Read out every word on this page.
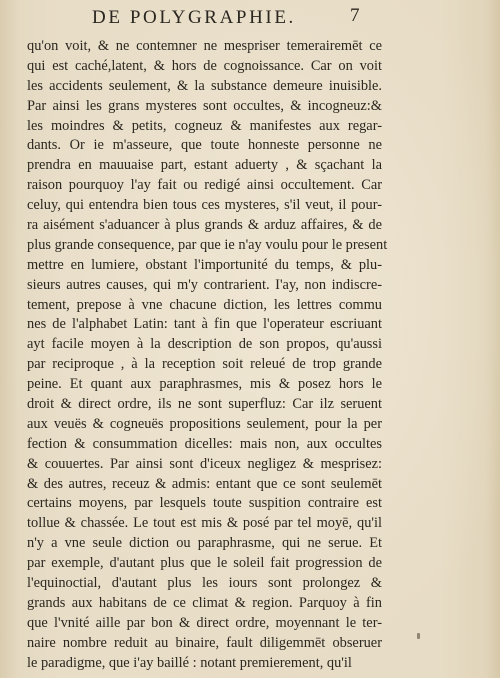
DE POLYGRAPHIE.	7
qu'on voit, & ne contemner ne mespriser temerairemēt ce
qui est caché,latent, & hors de cognoissance. Car on voit
les accidents seulement, & la substance demeure inuisible.
Par ainsi les grans mysteres sont occultes, & incogneuz:&
les moindres & petits, cogneuz & manifestes aux regar-
dants. Or ie m'asseure, que toute honneste personne ne
prendra en mauuaise part, estant aduerty , & sçachant la
raison pourquoy l'ay fait ou redigé ainsi occultement. Car
celuy, qui entendra bien tous ces mysteres, s'il veut, il pour-
ra aisément s'aduancer à plus grands & arduz affaires, & de
plus grande consequence, par que ie n'ay voulu pour le present
mettre en lumiere, obstant l'importunité du temps, & plu-
sieurs autres causes, qui m'y contrarient. I'ay, non indiscre-
tement, prepose à vne chacune diction, les lettres commu
nes de l'alphabet Latin: tant à fin que l'operateur escriuant
ayt facile moyen à la description de son propos, qu'aussi
par reciproque , à la reception soit releué de trop grande
peine. Et quant aux paraphrasmes, mis & posez hors le
droit & direct ordre, ils ne sont superfluz: Car ilz seruent
aux veuës & cogneuës propositions seulement, pour la per
fection & consummation dicelles: mais non, aux occultes
& couuertes. Par ainsi sont d'iceux negligez & mesprisez:
& des autres, receuz & admis: entant que ce sont seulemēt
certains moyens, par lesquels toute suspition contraire est
tollue & chassée. Le tout est mis & posé par tel moyē, qu'il
n'y a vne seule diction ou paraphrasme, qui ne serue. Et
par exemple, d'autant plus que le soleil fait progression de
l'equinoctial, d'autant plus les iours sont prolongez &
grands aux habitans de ce climat & region. Parquoy à fin
que l'vnité aille par bon & direct ordre, moyennant le ter-
naire nombre reduit au binaire, fault diligemmēt obseruer
le paradigme, que i'ay baillé : notant premierement, qu'il
